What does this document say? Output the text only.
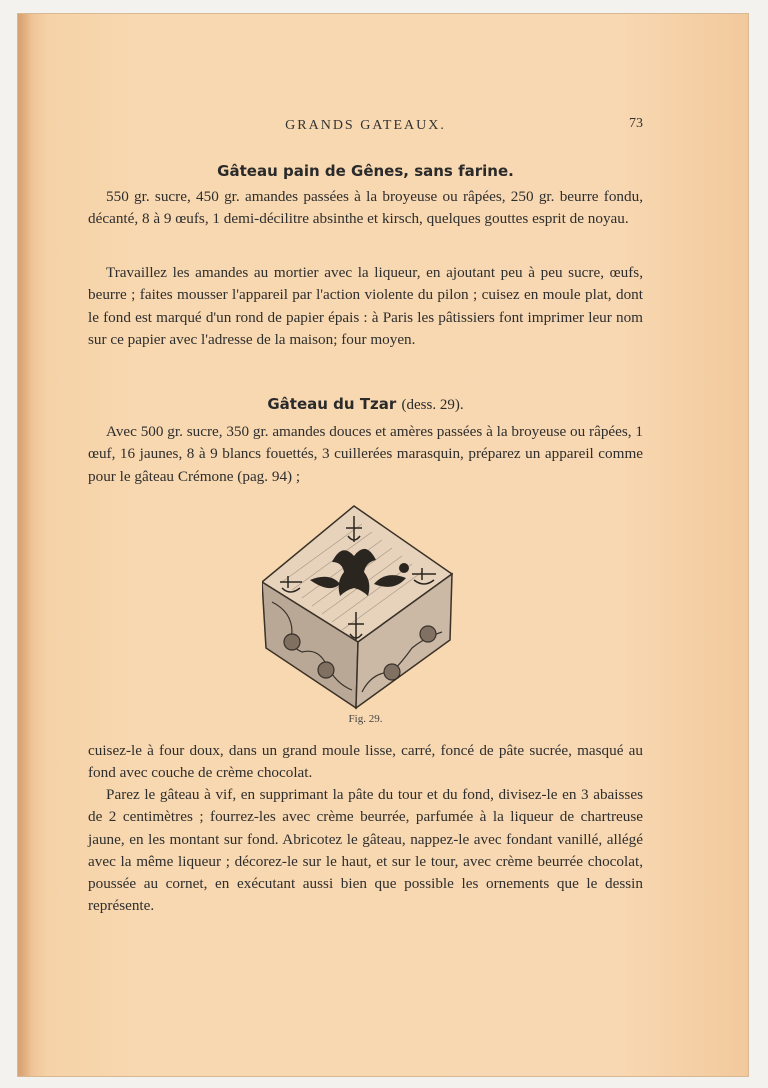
GRANDS GATEAUX.	73
Gâteau pain de Gênes, sans farine.

550 gr. sucre, 450 gr. amandes passées à la broyeuse ou râpées, 250 gr. beurre fondu, décanté, 8 à 9 œufs, 1 demi-décilitre absinthe et kirsch, quelques gouttes esprit de noyau.

Travaillez les amandes au mortier avec la liqueur, en ajoutant peu à peu sucre, œufs, beurre ; faites mousser l'appareil par l'action violente du pilon ; cuisez en moule plat, dont le fond est marqué d'un rond de papier épais : à Paris les pâtissiers font imprimer leur nom sur ce papier avec l'adresse de la maison; four moyen.

Gâteau du Tzar (dess. 29).

Avec 500 gr. sucre, 350 gr. amandes douces et amères passées à la broyeuse ou râpées, 1 œuf, 16 jaunes, 8 à 9 blancs fouettés, 3 cuillerées marasquin, préparez un appareil comme pour le gâteau Crémone (pag. 94) ;

Fig. 29.

cuisez-le à four doux, dans un grand moule lisse, carré, foncé de pâte sucrée, masqué au fond avec couche de crème chocolat.

Parez le gâteau à vif, en supprimant la pâte du tour et du fond, divisez-le en 3 abaisses de 2 centimètres ; fourrez-les avec crème beurrée, parfumée à la liqueur de chartreuse jaune, en les montant sur fond. Abricotez le gâteau, nappez-le avec fondant vanillé, allégé avec la même liqueur ; décorez-le sur le haut, et sur le tour, avec crème beurrée chocolat, poussée au cornet, en exécutant aussi bien que possible les ornements que le dessin représente.
